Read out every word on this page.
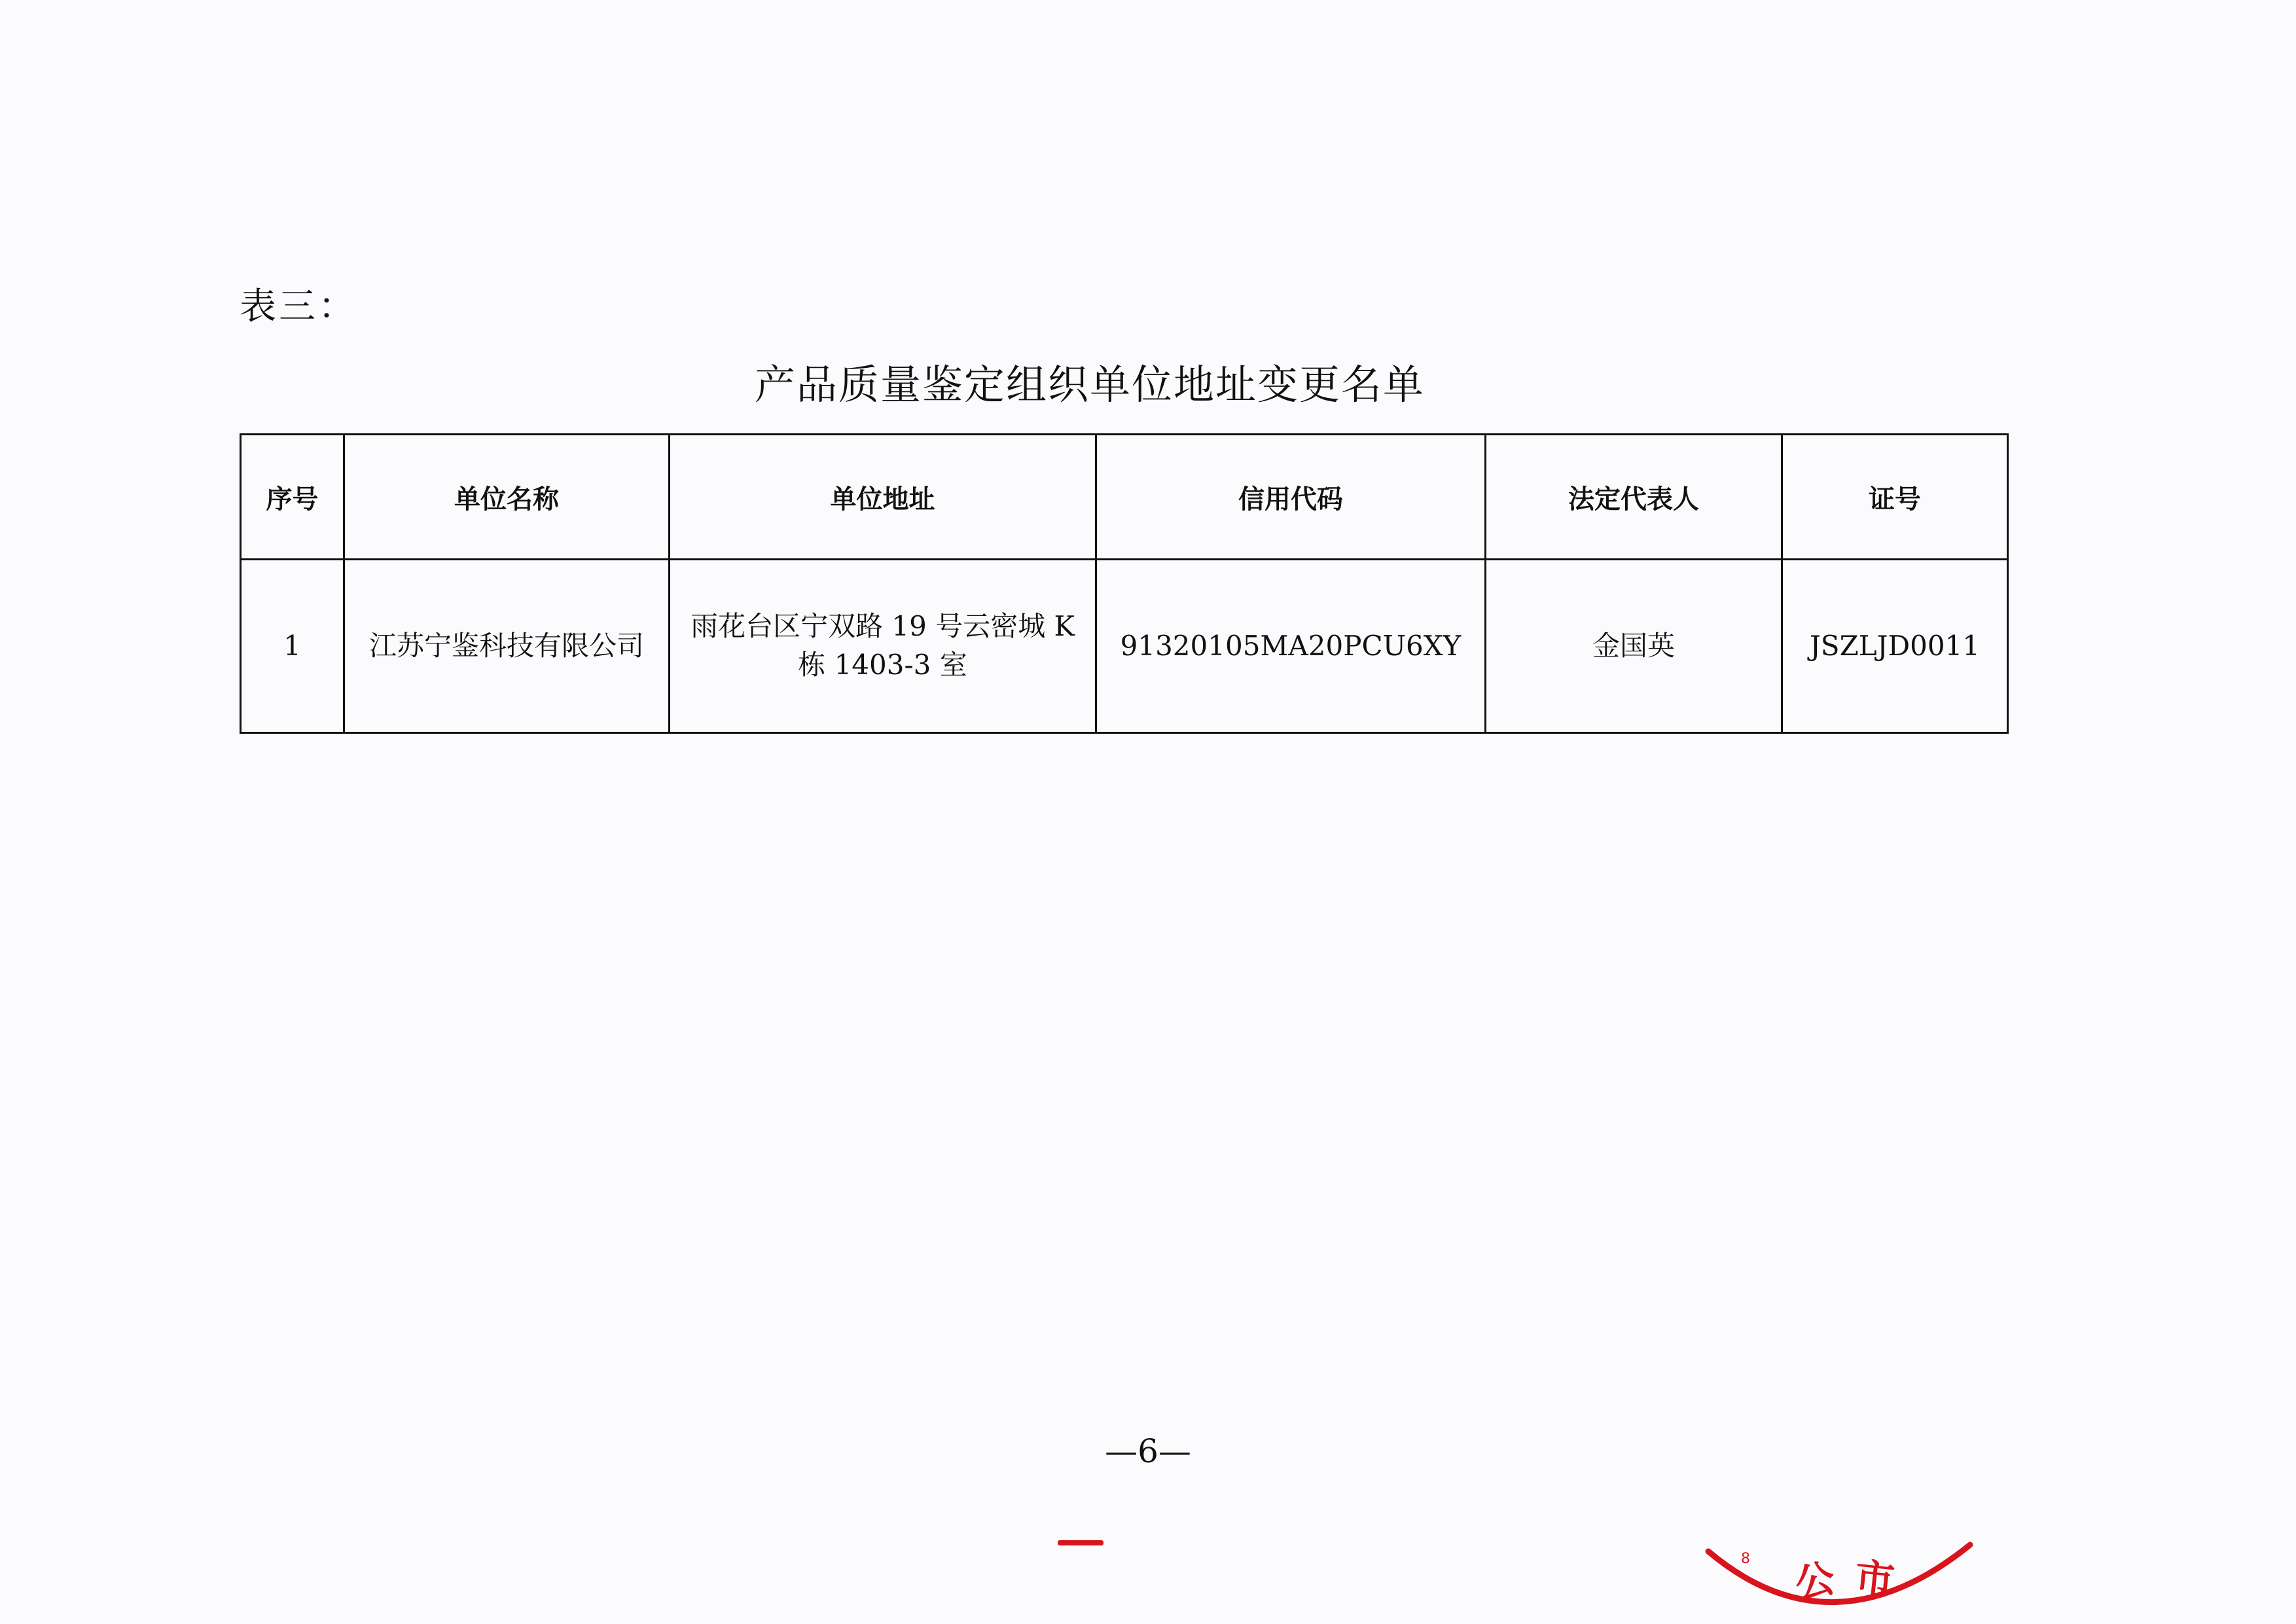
表三：
产品质量鉴定组织单位地址变更名单
序号	单位名称	单位地址	信用代码	法定代表人	证号
1	江苏宁鉴科技有限公司	雨花台区宁双路 19 号云密城 K 栋 1403-3 室	91320105MA20PCU6XY	金国英	JSZLJD0011
—6—
公 市
8
